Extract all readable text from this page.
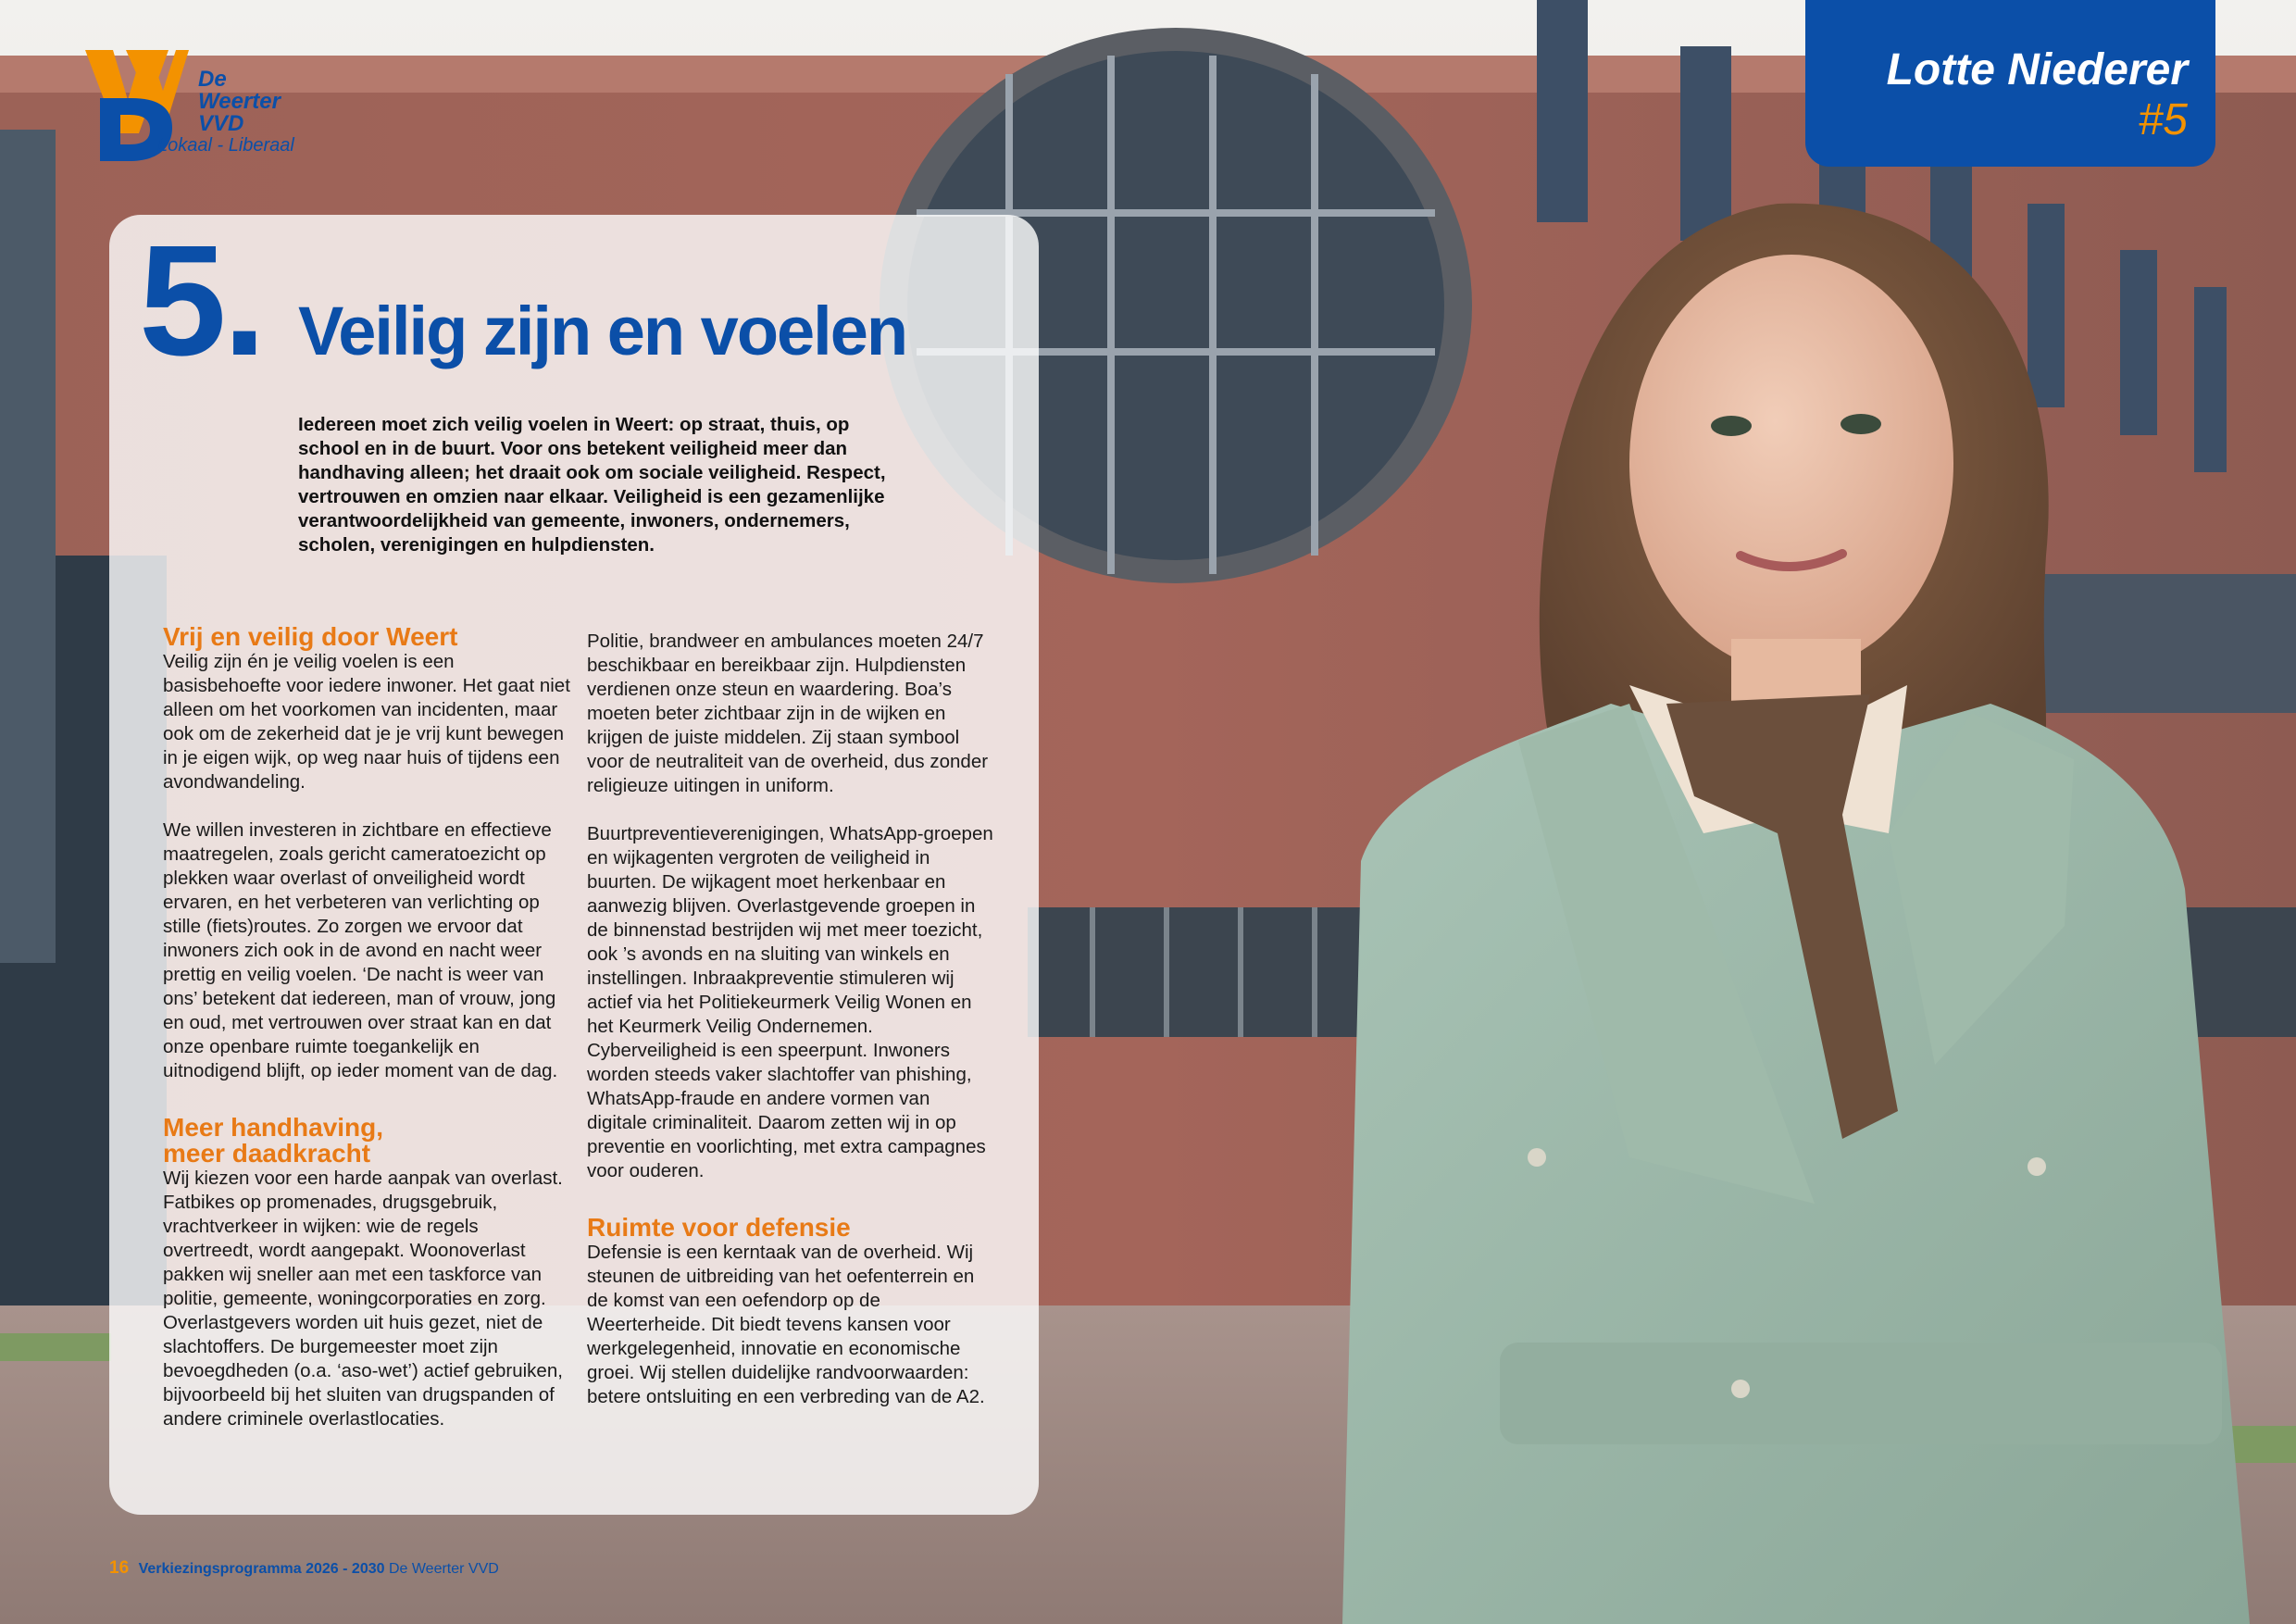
De
Weerter VVD
Lokaal - Liberaal
Lotte Niederer
#5
5. Veilig zijn en voelen

Iedereen moet zich veilig voelen in Weert: op straat, thuis, op school en in de buurt. Voor ons betekent veiligheid meer dan handhaving alleen; het draait ook om sociale veiligheid. Respect, vertrouwen en omzien naar elkaar. Veiligheid is een gezamenlijke verantwoordelijkheid van gemeente, inwoners, ondernemers, scholen, verenigingen en hulpdiensten.

Vrij en veilig door Weert

Veilig zijn én je veilig voelen is een basisbehoefte voor iedere inwoner. Het gaat niet alleen om het voorkomen van incidenten, maar ook om de zekerheid dat je je vrij kunt bewegen in je eigen wijk, op weg naar huis of tijdens een avondwandeling.

We willen investeren in zichtbare en effectieve maatregelen, zoals gericht cameratoezicht op plekken waar overlast of onveiligheid wordt ervaren, en het verbeteren van verlichting op stille (fiets)routes. Zo zorgen we ervoor dat inwoners zich ook in de avond en nacht weer prettig en veilig voelen. ‘De nacht is weer van ons’ betekent dat iedereen, man of vrouw, jong en oud, met vertrouwen over straat kan en dat onze openbare ruimte toegankelijk en uitnodigend blijft, op ieder moment van de dag.

Meer handhaving,
meer daadkracht

Wij kiezen voor een harde aanpak van overlast. Fatbikes op promenades, drugsgebruik, vrachtverkeer in wijken: wie de regels overtreedt, wordt aangepakt. Woonoverlast pakken wij sneller aan met een taskforce van politie, gemeente, woningcorporaties en zorg. Overlastgevers worden uit huis gezet, niet de slachtoffers. De burgemeester moet zijn bevoegdheden (o.a. ‘aso-wet’) actief gebruiken, bijvoorbeeld bij het sluiten van drugspanden of andere criminele overlastlocaties.

Politie, brandweer en ambulances moeten 24/7 beschikbaar en bereikbaar zijn. Hulpdiensten verdienen onze steun en waardering. Boa’s moeten beter zichtbaar zijn in de wijken en krijgen de juiste middelen. Zij staan symbool voor de neutraliteit van de overheid, dus zonder religieuze uitingen in uniform.

Buurtpreventieverenigingen, WhatsApp-groepen en wijkagenten vergroten de veiligheid in buurten. De wijkagent moet herkenbaar en aanwezig blijven. Overlastgevende groepen in de binnenstad bestrijden wij met meer toezicht, ook ’s avonds en na sluiting van winkels en instellingen. Inbraakpreventie stimuleren wij actief via het Politiekeurmerk Veilig Wonen en het Keurmerk Veilig Ondernemen. Cyberveiligheid is een speerpunt. Inwoners worden steeds vaker slachtoffer van phishing, WhatsApp-fraude en andere vormen van digitale criminaliteit. Daarom zetten wij in op preventie en voorlichting, met extra campagnes voor ouderen.

Ruimte voor defensie

Defensie is een kerntaak van de overheid. Wij steunen de uitbreiding van het oefenterrein en de komst van een oefendorp op de Weerterheide. Dit biedt tevens kansen voor werkgelegenheid, innovatie en economische groei. Wij stellen duidelijke randvoorwaarden: betere ontsluiting en een verbreding van de A2.

16 Verkiezingsprogramma 2026 - 2030 De Weerter VVD
